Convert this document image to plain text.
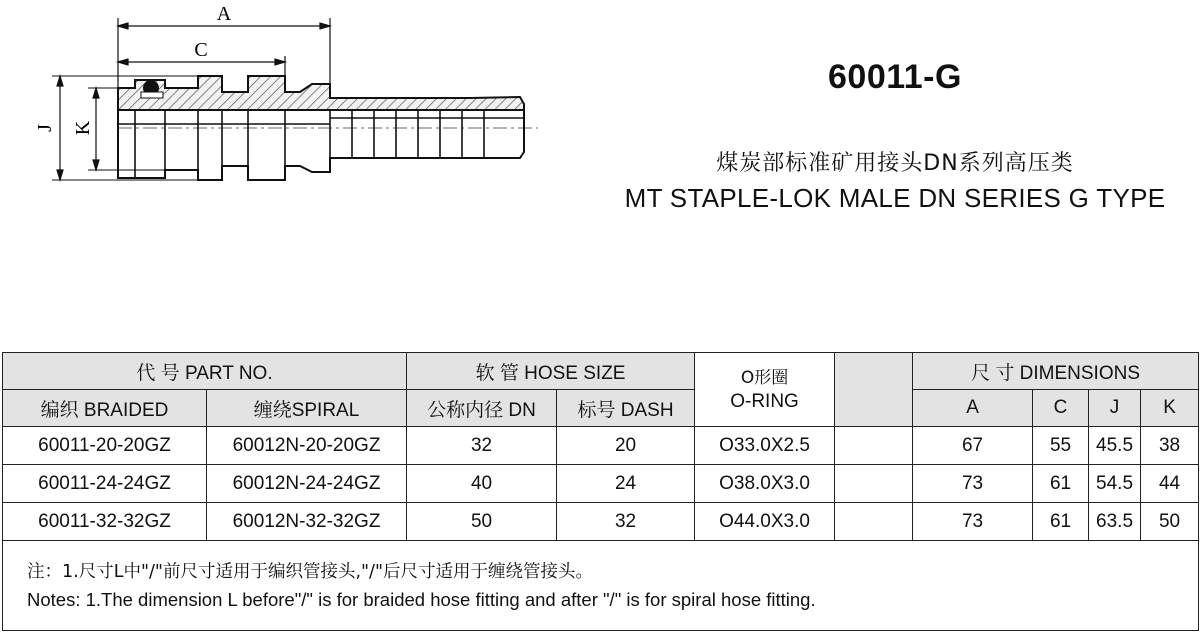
A
C
J K
60011-G
煤炭部标准矿用接头DN系列高压类
MT STAPLE-LOK MALE DN SERIES G TYPE
代 号 PART NO.		软 管 HOSE SIZE		O形圈
O-RING		尺 寸 DIMENSIONS			
编织 BRAIDED	缠绕SPIRAL	公称内径 DN	标号 DASH			A	C	J	K
60011-20-20GZ	60012N-20-20GZ	32	20	O33.0X2.5		67	55	45.5	38
60011-24-24GZ	60012N-24-24GZ	40	24	O38.0X3.0		73	61	54.5	44
60011-32-32GZ	60012N-32-32GZ	50	32	O44.0X3.0		73	61	63.5	50

注：1.尺寸L中"/"前尺寸适用于编织管接头,"/"后尺寸适用于缠绕管接头。
Notes: 1.The dimension L before"/" is for braided hose fitting and after "/" is for spiral hose fitting.									
